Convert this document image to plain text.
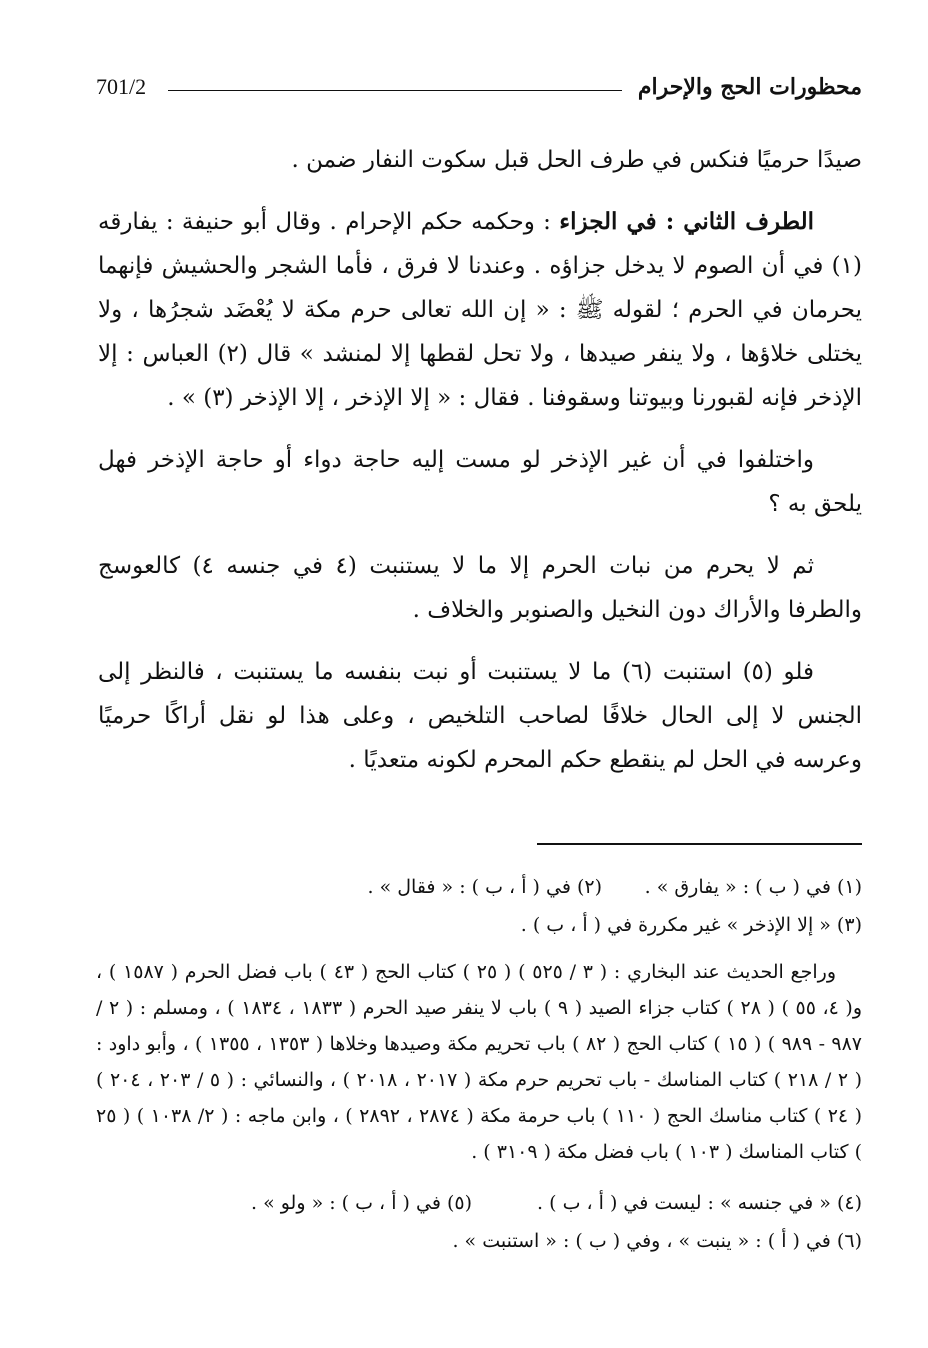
701/2	محظورات الحج والإحرام

صيدًا حرميًا فنكس في طرف الحل قبل سكوت النفار ضمن .

الطرف الثاني : في الجزاء : وحكمه حكم الإحرام . وقال أبو حنيفة : يفارقه (١) في أن الصوم لا يدخل جزاؤه . وعندنا لا فرق ، فأما الشجر والحشيش فإنهما يحرمان في الحرم ؛ لقوله ﷺ : « إن الله تعالى حرم مكة لا يُعْضَد شجرُها ، ولا يختلى خلاؤها ، ولا ينفر صيدها ، ولا تحل لقطها إلا لمنشد » قال (٢) العباس : إلا الإذخر فإنه لقبورنا وبيوتنا وسقوفنا . فقال : « إلا الإذخر ، إلا الإذخر (٣) » .

واختلفوا في أن غير الإذخر لو مست إليه حاجة دواء أو حاجة الإذخر فهل يلحق به ؟

ثم لا يحرم من نبات الحرم إلا ما لا يستنبت (٤ في جنسه ٤) كالعوسج والطرفا والأراك دون النخيل والصنوبر والخلاف .

فلو (٥) استنبت (٦) ما لا يستنبت أو نبت بنفسه ما يستنبت ، فالنظر إلى الجنس لا إلى الحال خلافًا لصاحب التلخيص ، وعلى هذا لو نقل أراكًا حرميًا وعرسه في الحل لم ينقطع حكم المحرم لكونه متعديًا .

(١) في ( ب ) : « يفارق » .

(٢) في ( أ ، ب ) : « فقال » .

(٣) « إلا الإذخر » غير مكررة في ( أ ، ب ) .

وراجع الحديث عند البخاري : ( ٣ / ٥٢٥ ) ( ٢٥ ) كتاب الحج ( ٤٣ ) باب فضل الحرم ( ١٥٨٧ ) ، و( ٤، ٥٥ ) ( ٢٨ ) كتاب جزاء الصيد ( ٩ ) باب لا ينفر صيد الحرم ( ١٨٣٣ ، ١٨٣٤ ) ، ومسلم : ( ٢ / ٩٨٧ - ٩٨٩ ) ( ١٥ ) كتاب الحج ( ٨٢ ) باب تحريم مكة وصيدها وخلاها ( ١٣٥٣ ، ١٣٥٥ ) ، وأبو داود : ( ٢ / ٢١٨ ) كتاب المناسك - باب تحريم حرم مكة ( ٢٠١٧ ، ٢٠١٨ ) ، والنسائي : ( ٥ / ٢٠٣ ، ٢٠٤ ) ( ٢٤ ) كتاب مناسك الحج ( ١١٠ ) باب حرمة مكة ( ٢٨٧٤ ، ٢٨٩٢ ) ، وابن ماجه : ( ٢/ ١٠٣٨ ) ( ٢٥ ) كتاب المناسك ( ١٠٣ ) باب فضل مكة ( ٣١٠٩ ) .

(٤) « في جنسه » : ليست في ( أ ، ب ) .

(٥) في ( أ ، ب ) : « ولو » .

(٦) في ( أ ) : « ينبت » ، وفي ( ب ) : « استنبت » .
